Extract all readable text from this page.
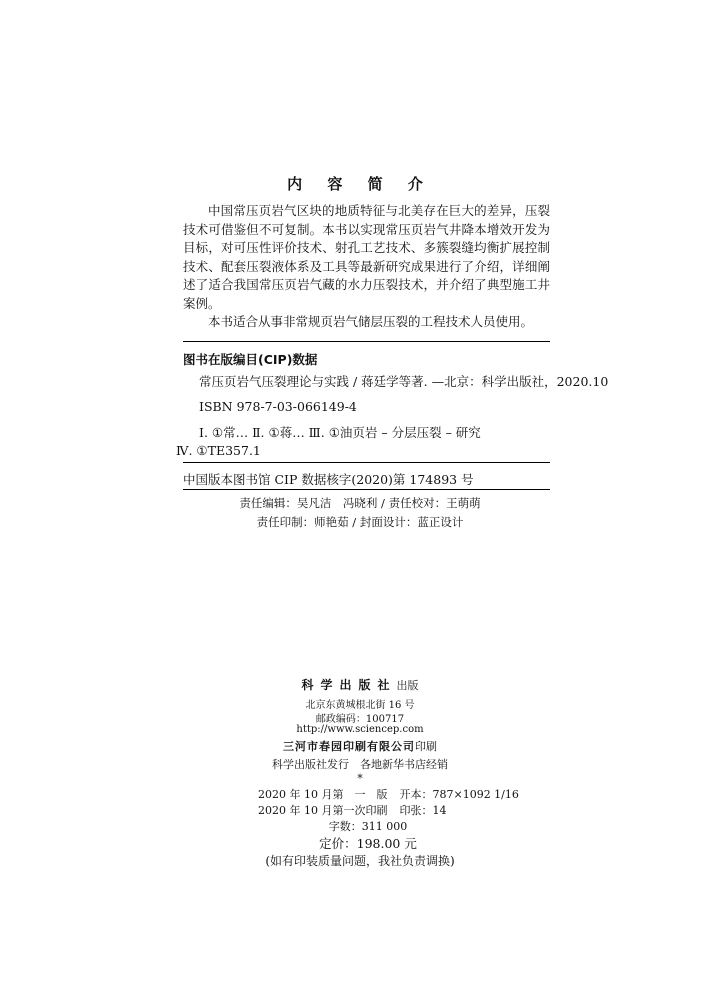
内 容 简 介

中国常压页岩气区块的地质特征与北美存在巨大的差异，压裂技术可借鉴但不可复制。本书以实现常压页岩气井降本增效开发为目标，对可压性评价技术、射孔工艺技术、多簇裂缝均衡扩展控制技术、配套压裂液体系及工具等最新研究成果进行了介绍，详细阐述了适合我国常压页岩气藏的水力压裂技术，并介绍了典型施工井案例。

本书适合从事非常规页岩气储层压裂的工程技术人员使用。

图书在版编目(CIP)数据
常压页岩气压裂理论与实践 / 蒋廷学等著. —北京：科学出版社，2020.10
ISBN 978-7-03-066149-4
Ⅰ. ①常… Ⅱ. ①蒋… Ⅲ. ①油页岩 – 分层压裂 – 研究
Ⅳ. ①TE357.1
中国版本图书馆 CIP 数据核字(2020)第 174893 号
责任编辑：吴凡洁　冯晓利 / 责任校对：王萌萌
责任印制：师艳茹 / 封面设计：蓝正设计
科学出版社出版
北京东黄城根北街 16 号
邮政编码：100717
http://www.sciencep.com
三河市春园印刷有限公司印刷
科学出版社发行　各地新华书店经销
*
2020 年 10 月第　一　版 开本：787×1092 1/16
2020 年 10 月第一次印刷 印张：14
字数：311 000
定价：198.00 元
(如有印装质量问题，我社负责调换)
